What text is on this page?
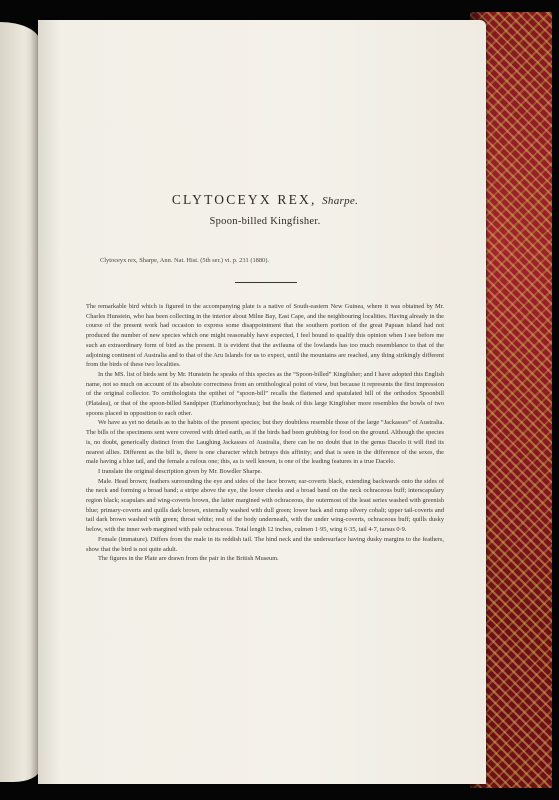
CLYTOCEYX REX, Sharpe.
Spoon-billed Kingfisher.
Clytoceyx rex, Sharpe, Ann. Nat. Hist. (5th ser.) vi. p. 231 (1880).

The remarkable bird which is figured in the accompanying plate is a native of South-eastern New Guinea, where it was obtained by Mr. Charles Hunstein, who has been collecting in the interior about Milne Bay, East Cape, and the neighbouring localities. Having already in the course of the present work had occasion to express some disappointment that the southern portion of the great Papuan island had not produced the number of new species which one might reasonably have expected, I feel bound to qualify this opinion when I see before me such an extraordinary form of bird as the present. It is evident that the avifauna of the lowlands has too much resemblance to that of the adjoining continent of Australia and to that of the Aru Islands for us to expect, until the mountains are reached, any thing strikingly different from the birds of these two localities.

In the MS. list of birds sent by Mr. Hunstein he speaks of this species as the “Spoon-billed” Kingfisher; and I have adopted this English name, not so much on account of its absolute correctness from an ornithological point of view, but because it represents the first impression of the original collector. To ornithologists the epithet of “spoon-bill” recalls the flattened and spatulated bill of the orthodox Spoonbill (Platalea), or that of the spoon-billed Sandpiper (Eurhinorhynchus); but the beak of this large Kingfisher more resembles the bowls of two spoons placed in opposition to each other.

We have as yet no details as to the habits of the present species; but they doubtless resemble those of the large “Jackasses” of Australia. The bills of the specimens sent were covered with dried earth, as if the birds had been grubbing for food on the ground. Although the species is, no doubt, generically distinct from the Laughing Jackasses of Australia, there can be no doubt that in the genus Dacelo it will find its nearest allies. Different as the bill is, there is one character which betrays this affinity; and that is seen in the difference of the sexes, the male having a blue tail, and the female a rufous one; this, as is well known, is one of the leading features in a true Dacelo.

I translate the original description given by Mr. Bowdler Sharpe.

Male. Head brown; feathers surrounding the eye and sides of the face brown; ear-coverts black, extending backwards onto the sides of the neck and forming a broad band; a stripe above the eye, the lower cheeks and a broad band on the neck ochraceous buff; interscapulary region black; scapulars and wing-coverts brown, the latter margined with ochraceous, the outermost of the least series washed with greenish blue; primary-coverts and quills dark brown, externally washed with dull green; lower back and rump silvery cobalt; upper tail-coverts and tail dark brown washed with green; throat white; rest of the body underneath, with the under wing-coverts, ochraceous buff; quills dusky below, with the inner web margined with pale ochraceous. Total length 12 inches, culmen 1·95, wing 6·35, tail 4·7, tarsus 0·9.

Female (immature). Differs from the male in its reddish tail. The hind neck and the undersurface having dusky margins to the feathers, show that the bird is not quite adult.

The figures in the Plate are drawn from the pair in the British Museum.
